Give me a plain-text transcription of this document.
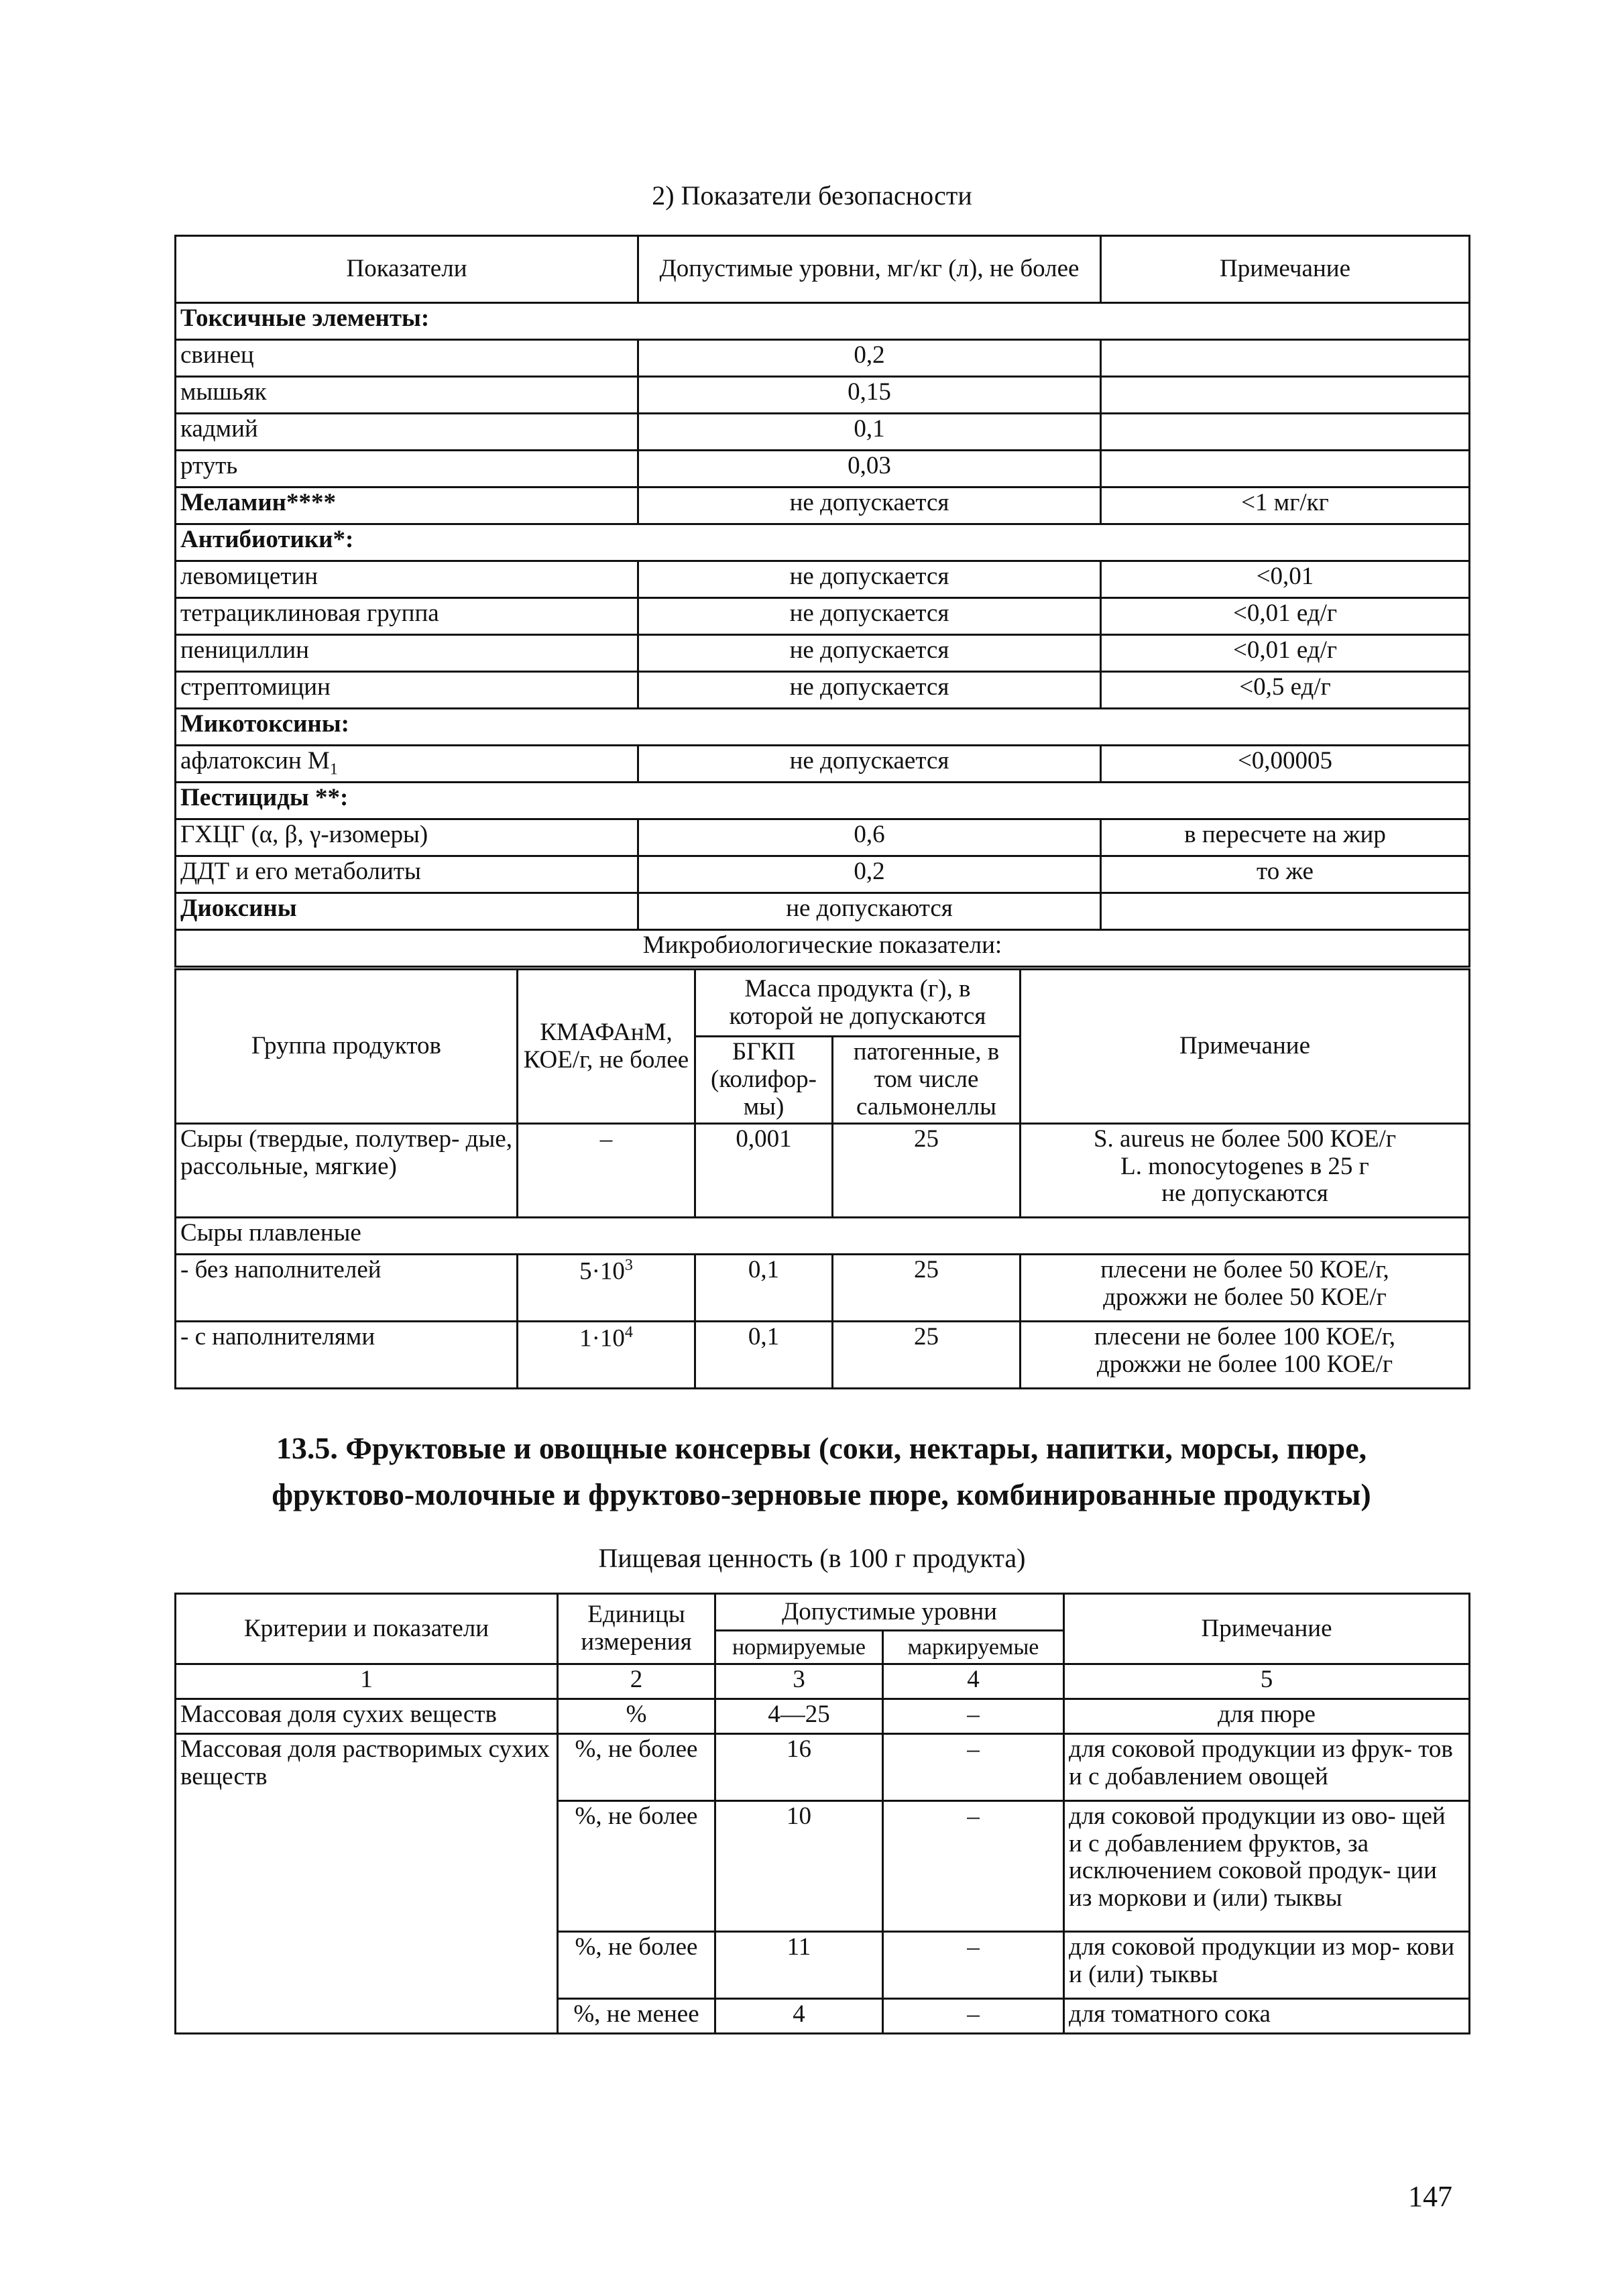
2) Показатели безопасности
Показатели	Допустимые уровни, мг/кг (л), не более	Примечание
Токсичные элементы:		
свинец	0,2	
мышьяк	0,15	
кадмий	0,1	
ртуть	0,03	
Меламин****	не допускается	<1 мг/кг
Антибиотики*:		
левомицетин	не допускается	<0,01
тетрациклиновая группа	не допускается	<0,01 ед/г
пенициллин	не допускается	<0,01 ед/г
стрептомицин	не допускается	<0,5 ед/г
Микотоксины:		
афлатоксин $M_1$	не допускается	<0,00005
Пестициды **:		
ГХЦГ (α, β, γ-изомеры)	0,6	в пересчете на жир
ДДТ и его метаболиты	0,2	то же
Диоксины	не допускаются	
Микробиологические показатели:		
Группа продуктов	КМАФАнМ, КОЕ/г, не более	Масса продукта (г), в которой не допускаются		Примечание
		БГКП (колифор- мы)	патогенные, в том числе сальмонеллы	
Сыры (твердые, полутвер- дые, рассольные, мягкие)	–	0,001	25	S. aureus не более 500 КОЕ/г
L. monocytogenes в 25 г
не допускаются

Сыры плавленые				
- без наполнителей	$5\cdot 10^3$	0,1	25	плесени не более 50 КОЕ/г,
дрожжи не более 50 КОЕ/г

- с наполнителями	$1\cdot 10^4$	0,1	25	плесени не более 100 КОЕ/г,
дрожжи не более 100 КОЕ/г
13.5. Фруктовые и овощные консервы (соки, нектары, напитки, морсы, пюре,
фруктово-молочные и фруктово-зерновые пюре, комбинированные продукты)
Пищевая ценность (в 100 г продукта)
Критерии и показатели	Единицы измерения	Допустимые уровни		Примечание
		нормируемые	маркируемые	
1	2	3	4	5
Массовая доля сухих веществ	%	4—25	–	для пюре
Массовая доля растворимых сухих веществ	%, не более	16	–	для соковой продукции из фрук- тов и с добавлением овощей
	%, не более	10	–	для соковой продукции из ово- щей и с добавлением фруктов, за исключением соковой продук- ции из моркови и (или) тыквы
	%, не более	11	–	для соковой продукции из мор- кови и (или) тыквы
	%, не менее	4	–	для томатного сока
147
